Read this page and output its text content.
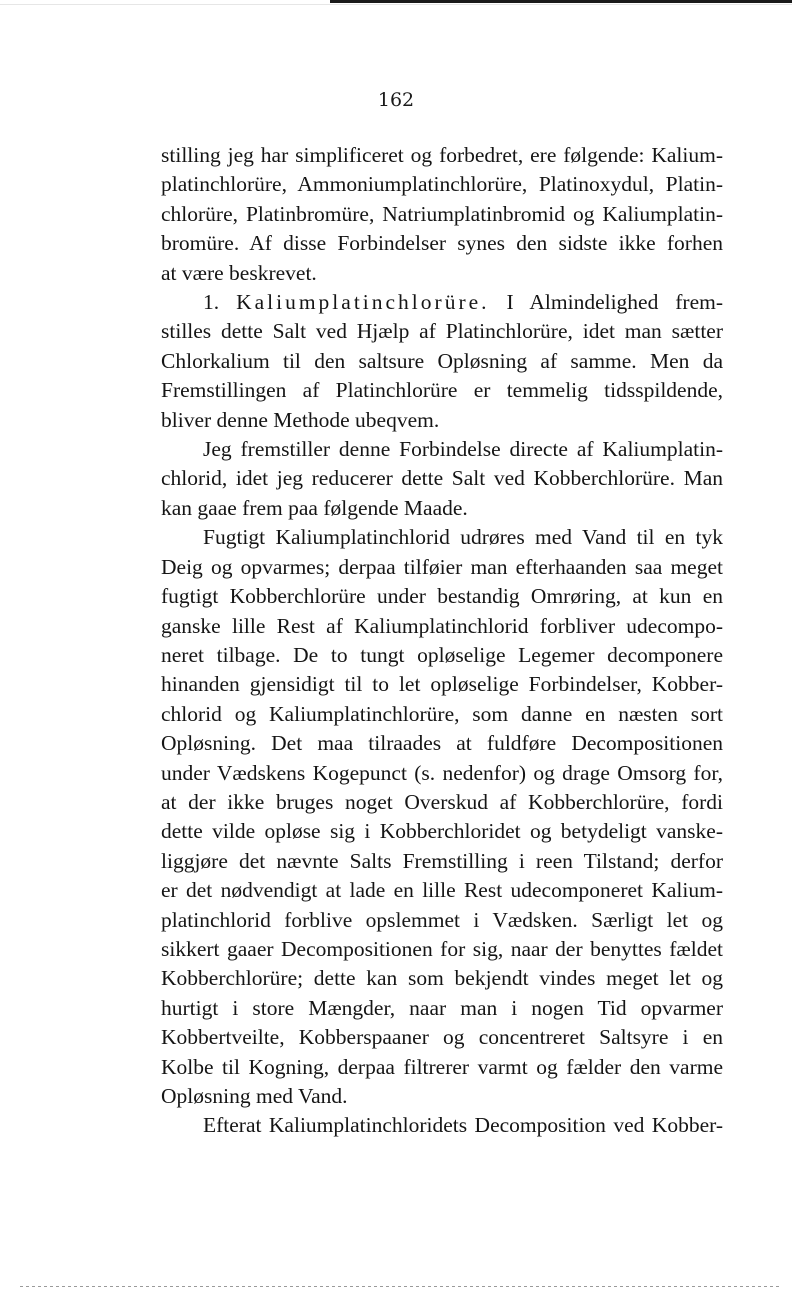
162

stilling jeg har simplificeret og forbedret, ere følgende: Kalium-
platinchlorüre, Ammoniumplatinchlorüre, Platinoxydul, Platin-
chlorüre, Platinbromüre, Natriumplatinbromid og Kaliumplatin-
bromüre. Af disse Forbindelser synes den sidste ikke forhen
at være beskrevet.

1. Kaliumplatinchlorüre. I Almindelighed frem-
stilles dette Salt ved Hjælp af Platinchlorüre, idet man sætter
Chlorkalium til den saltsure Opløsning af samme. Men da
Fremstillingen af Platinchlorüre er temmelig tidsspildende,
bliver denne Methode ubeqvem.

Jeg fremstiller denne Forbindelse directe af Kaliumplatin-
chlorid, idet jeg reducerer dette Salt ved Kobberchlorüre. Man
kan gaae frem paa følgende Maade.

Fugtigt Kaliumplatinchlorid udrøres med Vand til en tyk
Deig og opvarmes; derpaa tilføier man efterhaanden saa meget
fugtigt Kobberchlorüre under bestandig Omrøring, at kun en
ganske lille Rest af Kaliumplatinchlorid forbliver udecompo-
neret tilbage. De to tungt opløselige Legemer decomponere
hinanden gjensidigt til to let opløselige Forbindelser, Kobber-
chlorid og Kaliumplatinchlorüre, som danne en næsten sort
Opløsning. Det maa tilraades at fuldføre Decompositionen
under Vædskens Kogepunct (s. nedenfor) og drage Omsorg for,
at der ikke bruges noget Overskud af Kobberchlorüre, fordi
dette vilde opløse sig i Kobberchloridet og betydeligt vanske-
liggjøre det nævnte Salts Fremstilling i reen Tilstand; derfor
er det nødvendigt at lade en lille Rest udecomponeret Kalium-
platinchlorid forblive opslemmet i Vædsken. Særligt let og
sikkert gaaer Decompositionen for sig, naar der benyttes fældet
Kobberchlorüre; dette kan som bekjendt vindes meget let og
hurtigt i store Mængder, naar man i nogen Tid opvarmer
Kobbertveilte, Kobberspaaner og concentreret Saltsyre i en
Kolbe til Kogning, derpaa filtrerer varmt og fælder den varme
Opløsning med Vand.

Efterat Kaliumplatinchloridets Decomposition ved Kobber-
